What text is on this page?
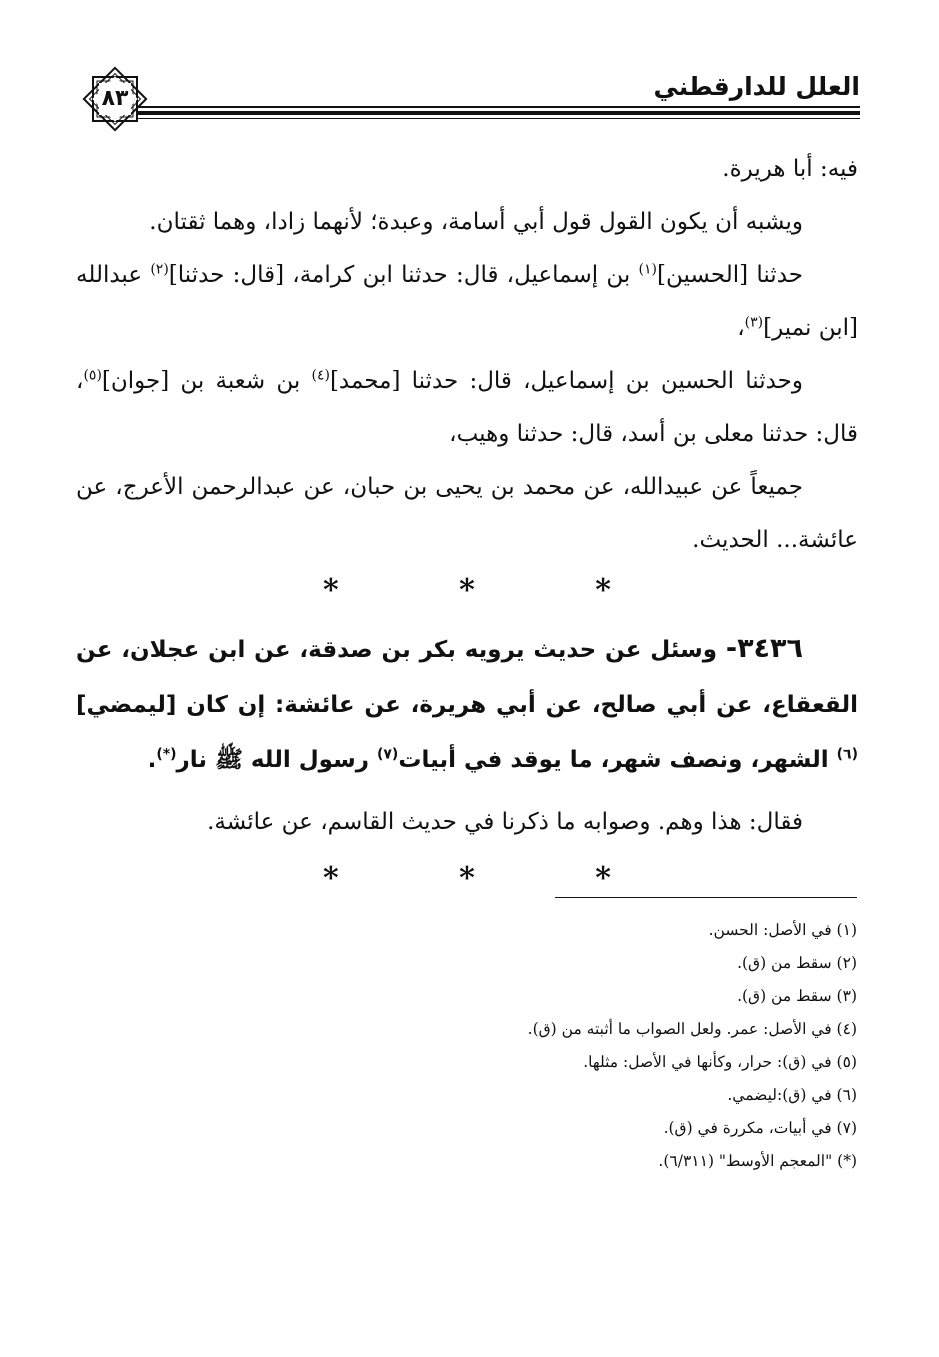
٨٣	العلل للدارقطني

فيه: أبا هريرة.

ويشبه أن يكون القول قول أبي أسامة، وعبدة؛ لأنهما زادا، وهما ثقتان.

حدثنا [الحسين]$^{(١)}$ بن إسماعيل، قال: حدثنا ابن كرامة، [قال: حدثنا]$^{(٢)}$ عبدالله [ابن نمير]$^{(٣)}$،

وحدثنا الحسين بن إسماعيل، قال: حدثنا [محمد]$^{(٤)}$ بن شعبة بن [جوان]$^{(٥)}$، قال: حدثنا معلى بن أسد، قال: حدثنا وهيب،

جميعاً عن عبيدالله، عن محمد بن يحيى بن حبان، عن عبدالرحمن الأعرج، عن عائشة... الحديث.

* * *

٣٤٣٦- وسئل عن حديث يرويه بكر بن صدقة، عن ابن عجلان، عن القعقاع، عن أبي صالح، عن أبي هريرة، عن عائشة: إن كان [ليمضي]$^{(٦)}$ الشهر، ونصف شهر، ما يوقد في أبيات$^{(٧)}$ رسول الله ﷺ نار(*).

فقال: هذا وهم. وصوابه ما ذكرنا في حديث القاسم، عن عائشة.

* * *

(١) في الأصل: الحسن.

(٢) سقط من (ق).

(٣) سقط من (ق).

(٤) في الأصل: عمر. ولعل الصواب ما أثبته من (ق).

(٥) في (ق): حرار، وكأنها في الأصل: مثلها.

(٦) في (ق):ليضمي.

(٧) في أبيات، مكررة في (ق).

(*) "المعجم الأوسط" (٦/٣١١).
